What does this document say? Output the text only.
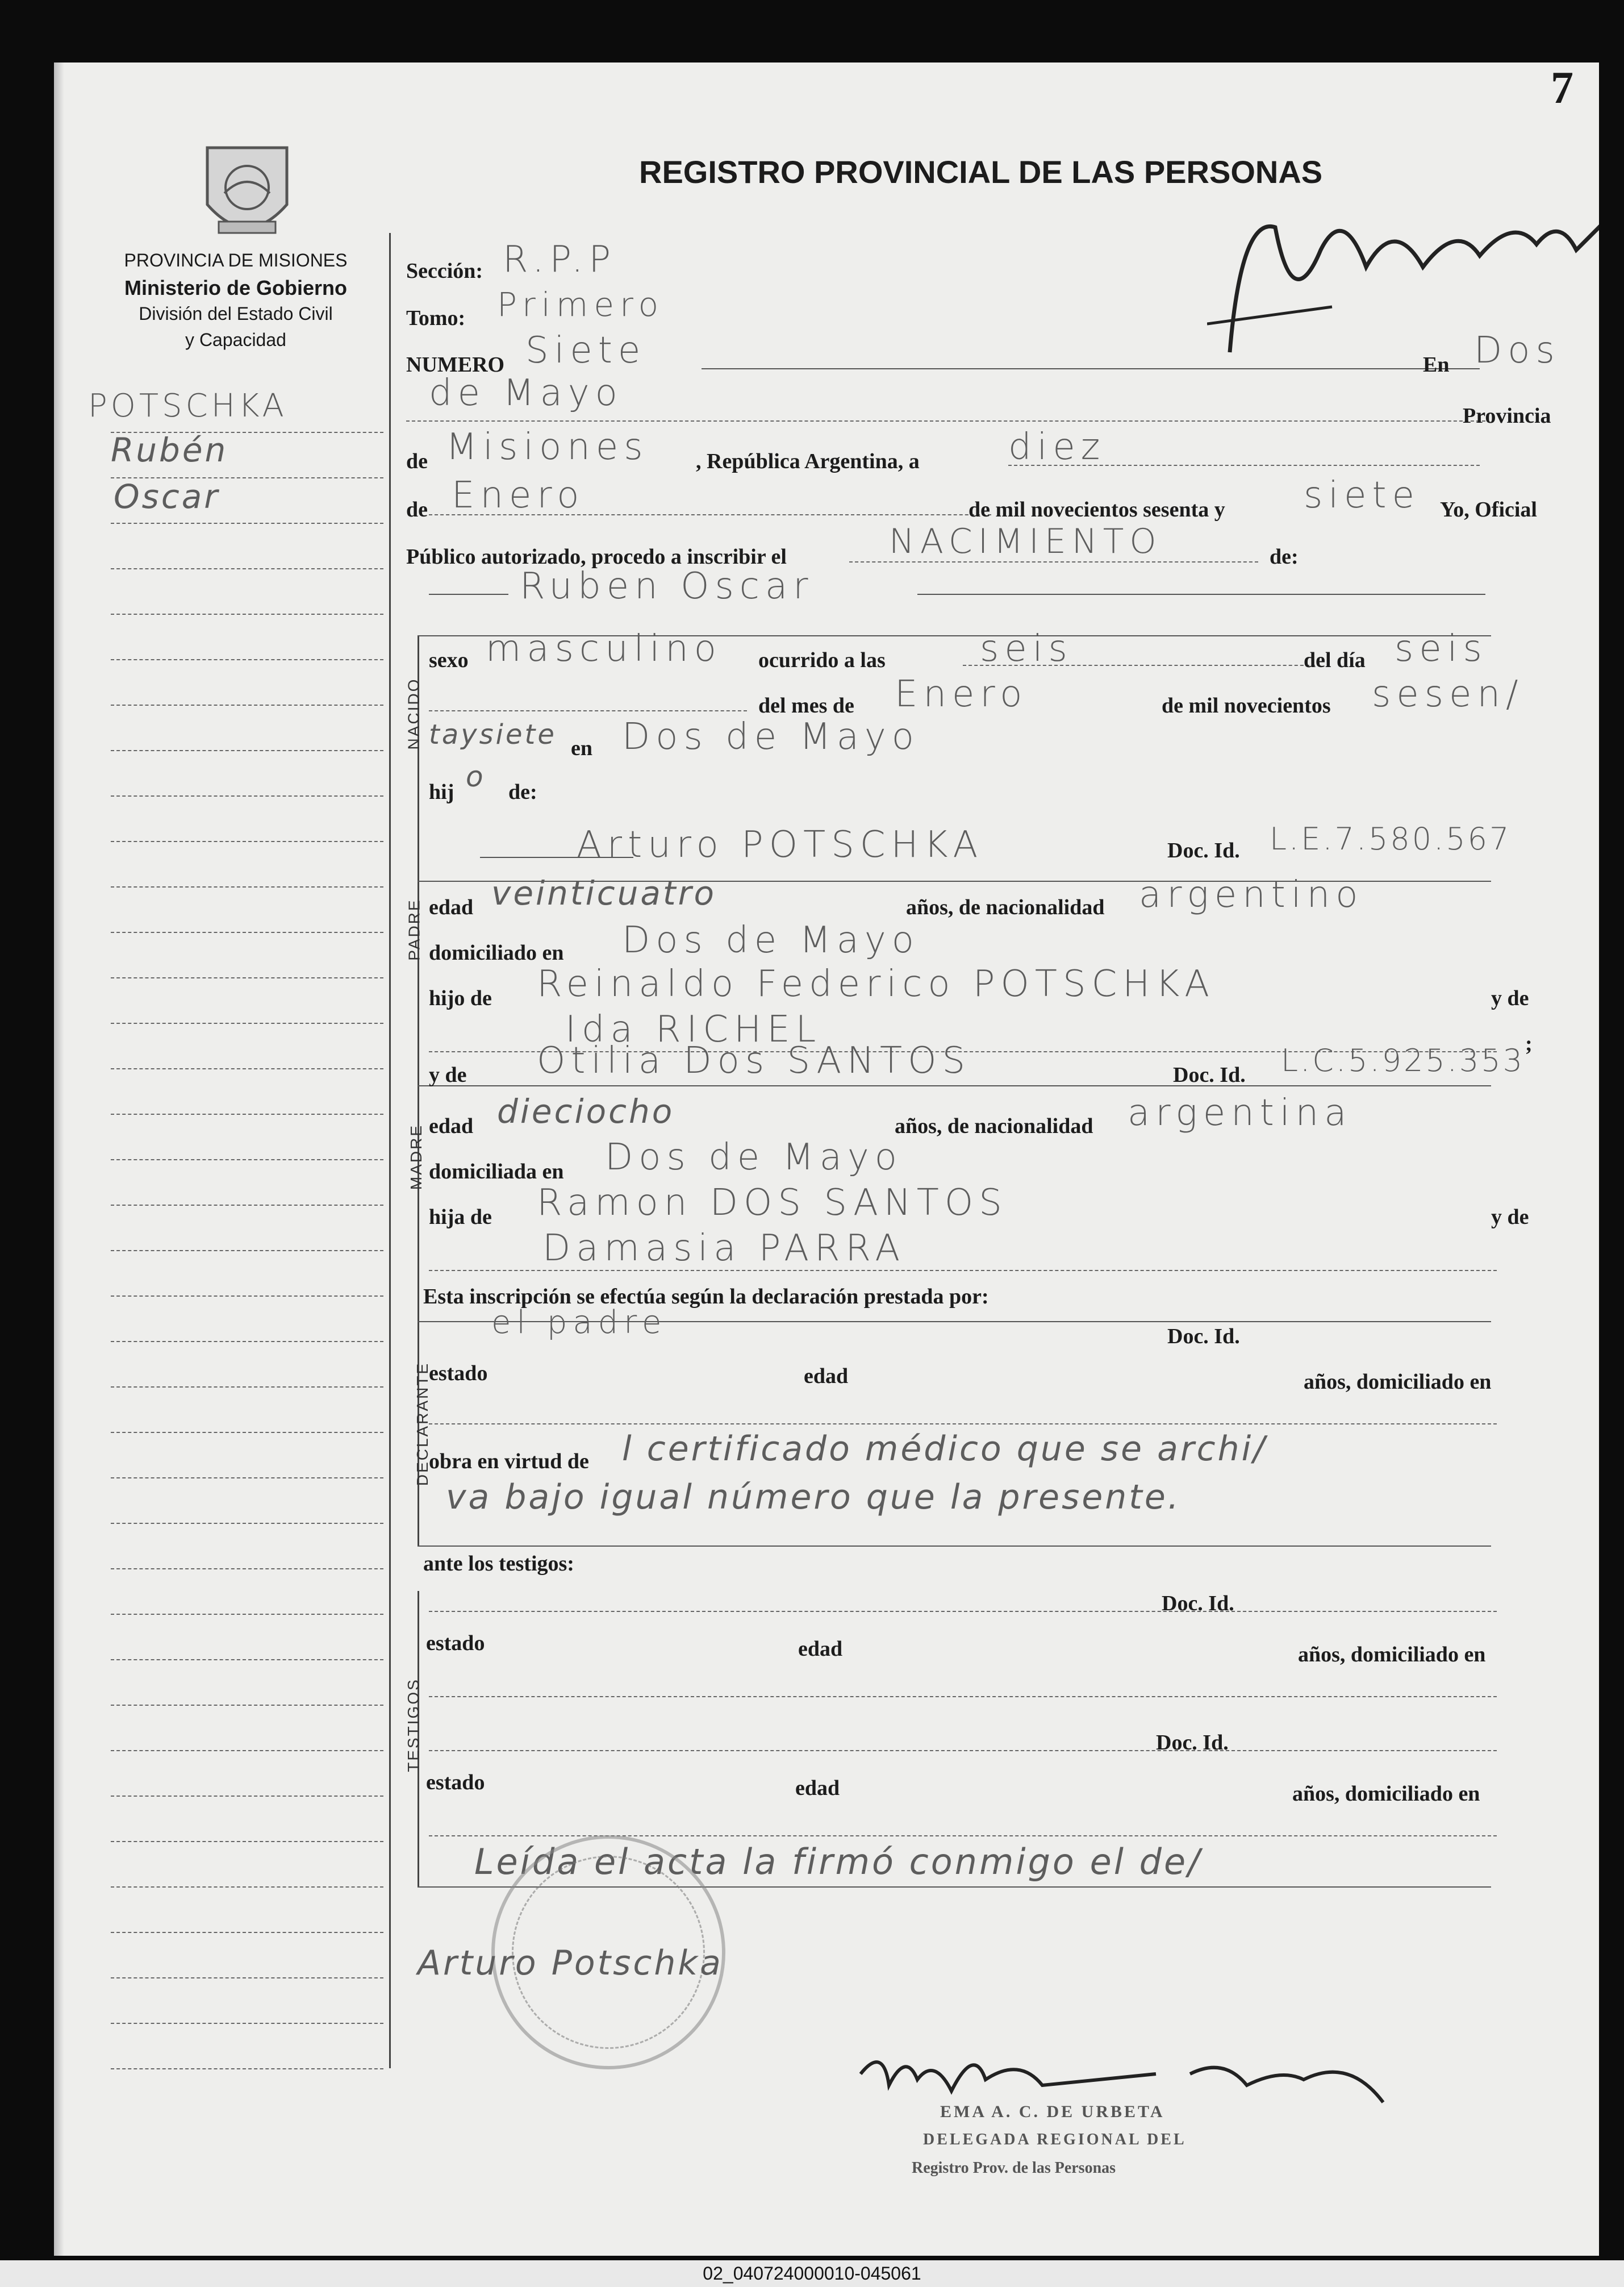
7
PROVINCIA DE MISIONES
Ministerio de Gobierno
División del Estado Civil
y Capacidad
REGISTRO PROVINCIAL DE LAS PERSONAS
POTSCHKA
Rubén
Oscar
NACIDO
PADRE
MADRE
DECLARANTE
TESTIGOS
Sección: R.P.P
Tomo: Primero
NUMERO Siete	En Dos
de Mayo
Provincia
de Misiones , República Argentina, a diez
de Enero	de mil novecientos sesenta y siete Yo, Oficial
Público autorizado, procedo a inscribir el	NACIMIENTO	de:
Ruben Oscar
sexo masculino ocurrido a las	seis	del día seis
del mes de Enero	de mil novecientos sesen/
taysiete en Dos de Mayo
hij o de:
Arturo POTSCHKA	Doc. Id. L.E.7.580.567
edad veinticuatro	años, de nacionalidad argentino
domiciliado en Dos de Mayo
hijo de Reinaldo Federico POTSCHKA	y de
Ida RICHEL	;
y de Otilia Dos SANTOS	Doc. Id. L.C.5.925.353
edad dieciocho	años, de nacionalidad argentina
domiciliada en Dos de Mayo
hija de Ramon DOS SANTOS	y de
Damasia PARRA
Esta inscripción se efectúa según la declaración prestada por:
el padre	Doc. Id.
estado	edad	años, domiciliado en
obra en virtud de l certificado médico que se archi/
va bajo igual número que la presente.
ante los testigos:
Doc. Id.
estado	edad	años, domiciliado en
Doc. Id.
estado	edad	años, domiciliado en
Leída el acta la firmó conmigo el de/
Arturo Potschka
EMA A. C. DE URBETA
DELEGADA REGIONAL DEL
Registro Prov. de las Personas
02_040724000010-045061
